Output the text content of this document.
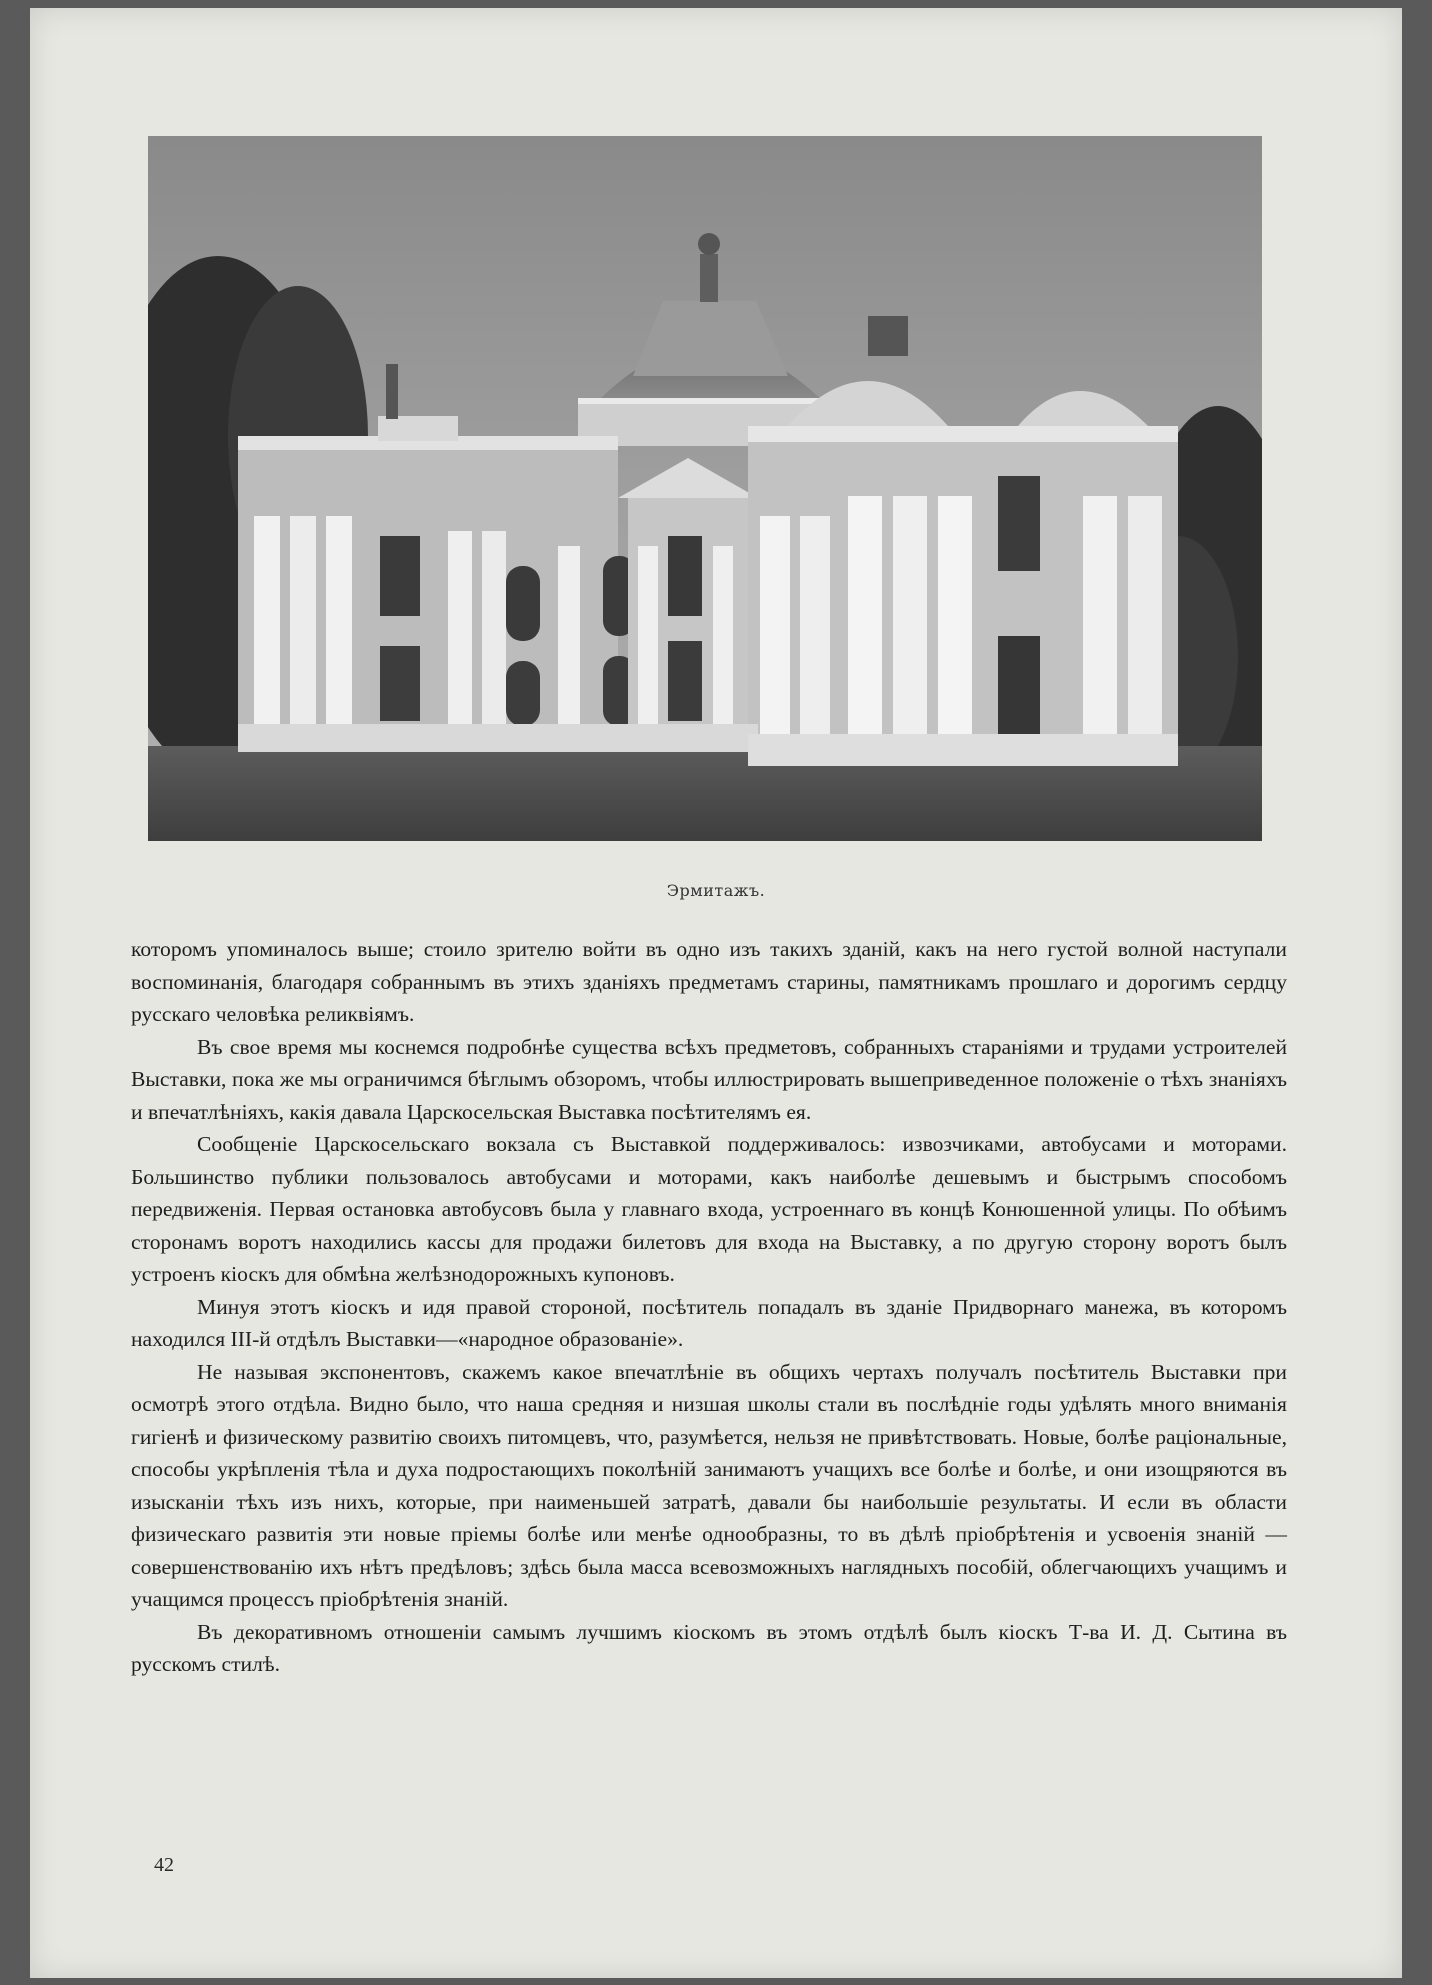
Эрмитажъ.

которомъ упоминалось выше; стоило зрителю войти въ одно изъ такихъ зданій, какъ на него густой волной наступали воспоминанія, благодаря собраннымъ въ этихъ зданіяхъ предметамъ старины, памятникамъ прошлаго и дорогимъ сердцу русскаго человѣка реликвіямъ.

Въ свое время мы коснемся подробнѣе существа всѣхъ предметовъ, собранныхъ стараніями и трудами устроителей Выставки, пока же мы ограничимся бѣглымъ обзоромъ, чтобы иллюстрировать вышеприведенное положеніе о тѣхъ знаніяхъ и впечатлѣніяхъ, какія давала Царскосельская Выставка посѣтителямъ ея.

Сообщеніе Царскосельскаго вокзала съ Выставкой поддерживалось: извозчиками, автобусами и моторами. Большинство публики пользовалось автобусами и моторами, какъ наиболѣе дешевымъ и быстрымъ способомъ передвиженія. Первая остановка автобусовъ была у главнаго входа, устроеннаго въ концѣ Конюшенной улицы. По обѣимъ сторонамъ воротъ находились кассы для продажи билетовъ для входа на Выставку, а по другую сторону воротъ былъ устроенъ кіоскъ для обмѣна желѣзнодорожныхъ купоновъ.

Минуя этотъ кіоскъ и идя правой стороной, посѣтитель попадалъ въ зданіе Придворнаго манежа, въ которомъ находился III-й отдѣлъ Выставки—«народное образованіе».

Не называя экспонентовъ, скажемъ какое впечатлѣніе въ общихъ чертахъ получалъ посѣтитель Выставки при осмотрѣ этого отдѣла. Видно было, что наша средняя и низшая школы стали въ послѣдніе годы удѣлять много вниманія гигіенѣ и физическому развитію своихъ питомцевъ, что, разумѣется, нельзя не привѣтствовать. Новые, болѣе раціональные, способы укрѣпленія тѣла и духа подростающихъ поколѣній занимаютъ учащихъ все болѣе и болѣе, и они изощряются въ изысканіи тѣхъ изъ нихъ, которые, при наименьшей затратѣ, давали бы наибольшіе результаты. И если въ области физическаго развитія эти новые пріемы болѣе или менѣе однообразны, то въ дѣлѣ пріобрѣтенія и усвоенія знаній — совершенствованію ихъ нѣтъ предѣловъ; здѣсь была масса всевозможныхъ наглядныхъ пособій, облегчающихъ учащимъ и учащимся процессъ пріобрѣтенія знаній.

Въ декоративномъ отношеніи самымъ лучшимъ кіоскомъ въ этомъ отдѣлѣ былъ кіоскъ Т-ва И. Д. Сытина въ русскомъ стилѣ.

42
